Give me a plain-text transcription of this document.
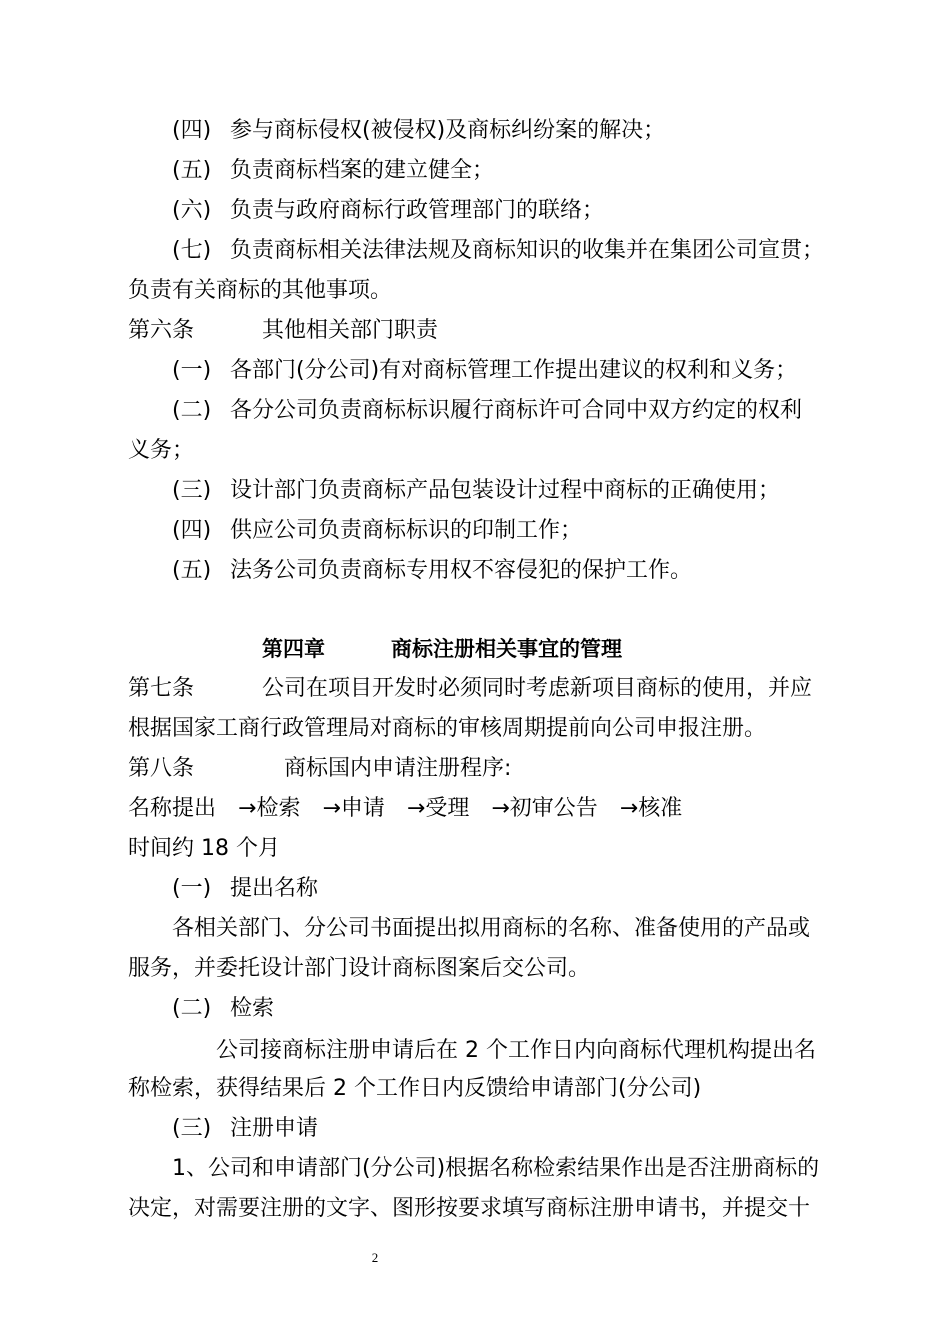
(四) 参与商标侵权(被侵权)及商标纠纷案的解决；
(五) 负责商标档案的建立健全；
(六) 负责与政府商标行政管理部门的联络；
(七) 负责商标相关法律法规及商标知识的收集并在集团公司宣贯；
负责有关商标的其他事项。
第六条	其他相关部门职责
(一) 各部门(分公司)有对商标管理工作提出建议的权利和义务；
(二) 各分公司负责商标标识履行商标许可合同中双方约定的权利
义务；
(三) 设计部门负责商标产品包装设计过程中商标的正确使用；
(四) 供应公司负责商标标识的印制工作；
(五) 法务公司负责商标专用权不容侵犯的保护工作。
第四章	商标注册相关事宜的管理
第七条	公司在项目开发时必须同时考虑新项目商标的使用，并应
根据国家工商行政管理局对商标的审核周期提前向公司申报注册。
第八条	商标国内申请注册程序:
名称提出 →检索 →申请 →受理 →初审公告 →核准
时间约 18 个月
(一) 提出名称
各相关部门、分公司书面提出拟用商标的名称、准备使用的产品或
服务，并委托设计部门设计商标图案后交公司。
(二) 检索
公司接商标注册申请后在 2 个工作日内向商标代理机构提出名
称检索，获得结果后 2 个工作日内反馈给申请部门(分公司)
(三) 注册申请
1、公司和申请部门(分公司)根据名称检索结果作出是否注册商标的
决定，对需要注册的文字、图形按要求填写商标注册申请书，并提交十
2
